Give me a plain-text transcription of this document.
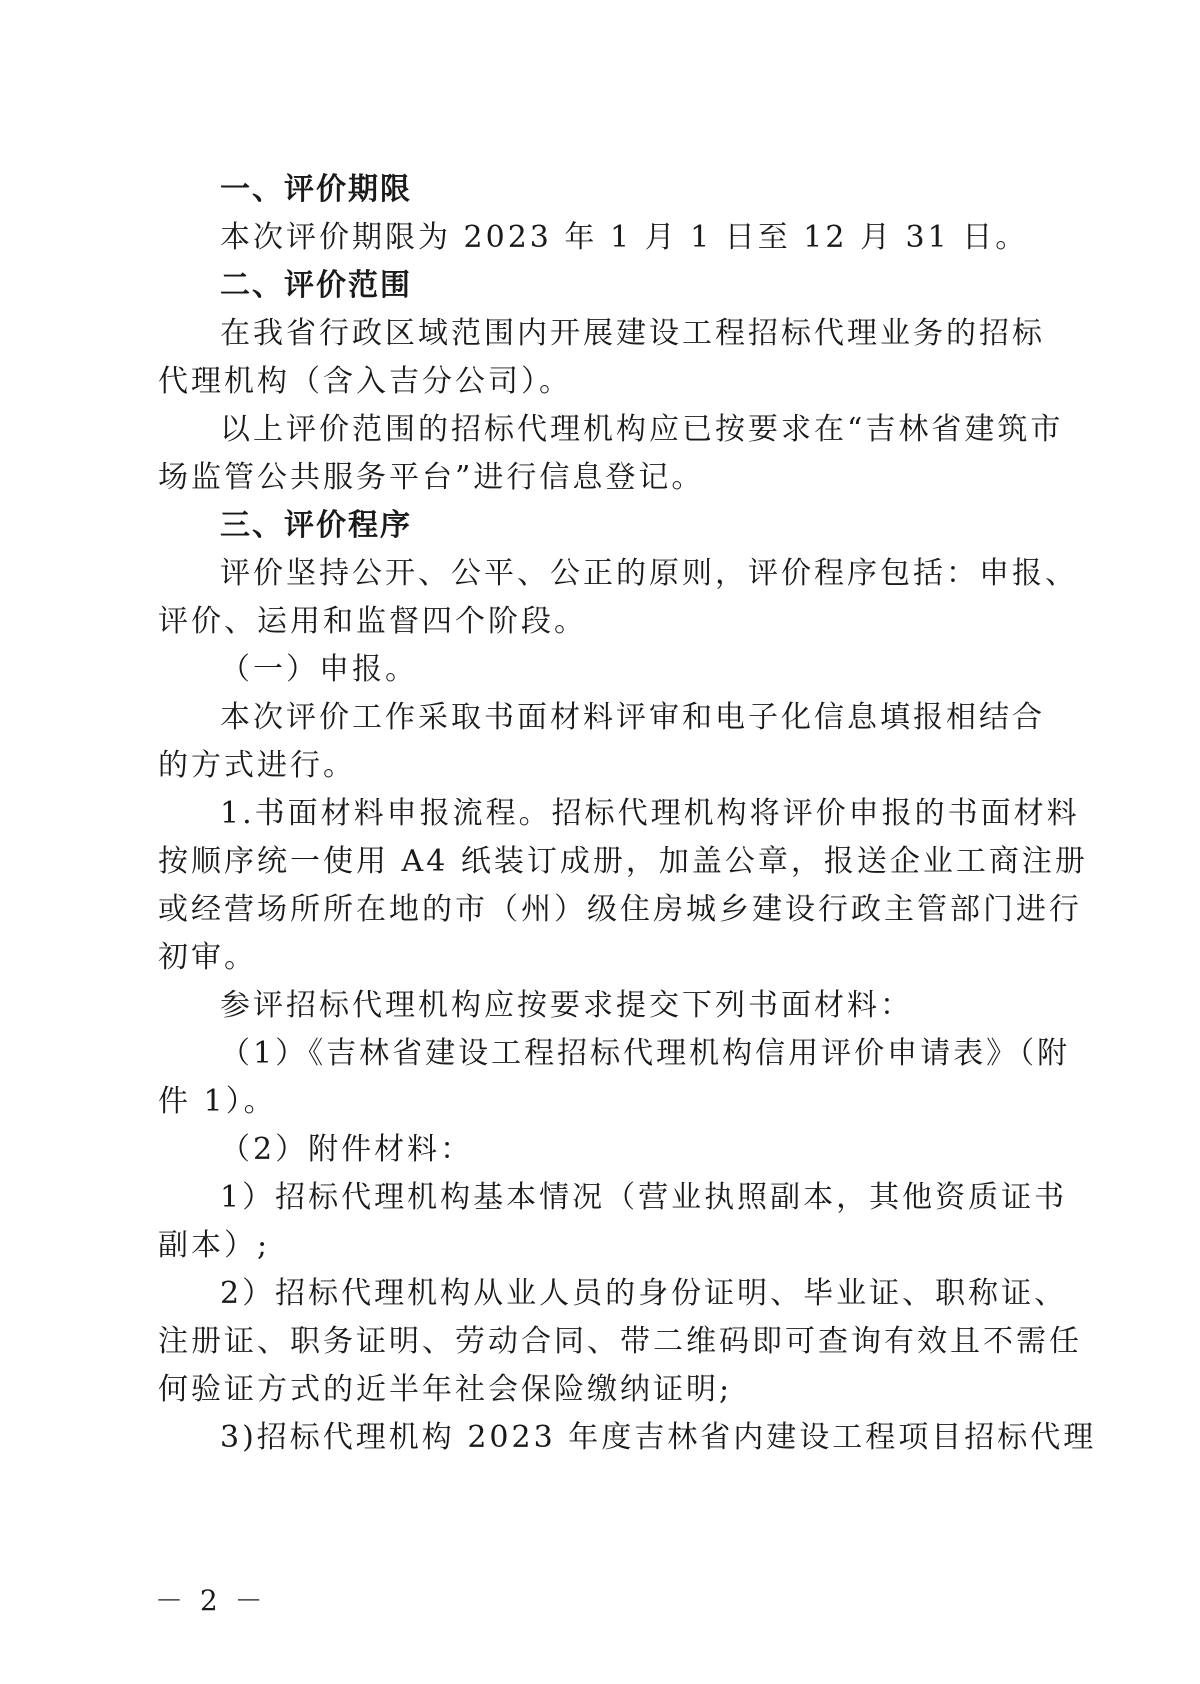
一、评价期限
本次评价期限为 2023 年 1 月 1 日至 12 月 31 日。
二、评价范围
在我省行政区域范围内开展建设工程招标代理业务的招标
代理机构（含入吉分公司）。
以上评价范围的招标代理机构应已按要求在“吉林省建筑市
场监管公共服务平台”进行信息登记。
三、评价程序
评价坚持公开、公平、公正的原则，评价程序包括：申报、
评价、运用和监督四个阶段。
（一）申报。
本次评价工作采取书面材料评审和电子化信息填报相结合
的方式进行。
1.书面材料申报流程。招标代理机构将评价申报的书面材料
按顺序统一使用 A4 纸装订成册，加盖公章，报送企业工商注册
或经营场所所在地的市（州）级住房城乡建设行政主管部门进行
初审。
参评招标代理机构应按要求提交下列书面材料：
（1）《吉林省建设工程招标代理机构信用评价申请表》（附
件 1）。
（2）附件材料：
1）招标代理机构基本情况（营业执照副本，其他资质证书
副本）;
2）招标代理机构从业人员的身份证明、毕业证、职称证、
注册证、职务证明、劳动合同、带二维码即可查询有效且不需任
何验证方式的近半年社会保险缴纳证明;
3)招标代理机构 2023 年度吉林省内建设工程项目招标代理
－ 2 －
